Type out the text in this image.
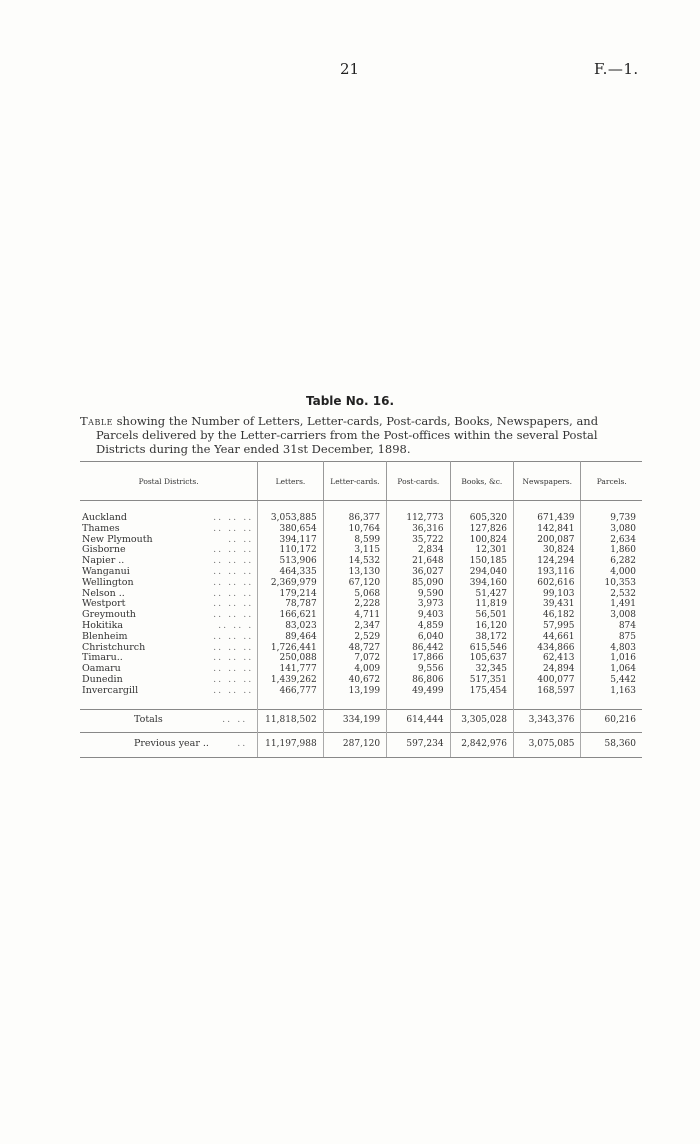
21	F.—1.
Table No. 16.
Table showing the Number of Letters, Letter-cards, Post-cards, Books, Newspapers, and
Parcels delivered by the Letter-carriers from the Post-offices within the several Postal
Districts during the Year ended 31st December, 1898.
Postal Districts.	Letters.	Letter-cards.	Post-cards.	Books, &c.	Newspapers.	Parcels.

Auckland .. .. ..	3,053,885	86,377	112,773	605,320	671,439	9,739
Thames .. .. ..	380,654	10,764	36,316	127,826	142,841	3,080
New Plymouth .. ..	394,117	8,599	35,722	100,824	200,087	2,634
Gisborne .. .. ..	110,172	3,115	2,834	12,301	30,824	1,860
Napier .. .. .. ..	513,906	14,532	21,648	150,185	124,294	6,282
Wanganui .. .. ..	464,335	13,130	36,027	294,040	193,116	4,000
Wellington .. .. ..	2,369,979	67,120	85,090	394,160	602,616	10,353
Nelson .. .. .. ..	179,214	5,068	9,590	51,427	99,103	2,532
Westport .. .. ..	78,787	2,228	3,973	11,819	39,431	1,491
Greymouth .. .. ..	166,621	4,711	9,403	56,501	46,182	3,008
Hokitika .. .. .	83,023	2,347	4,859	16,120	57,995	874
Blenheim .. .. ..	89,464	2,529	6,040	38,172	44,661	875
Christchurch .. .. ..	1,726,441	48,727	86,442	615,546	434,866	4,803
Timaru.. .. .. ..	250,088	7,072	17,866	105,637	62,413	1,016
Oamaru .. .. ..	141,777	4,009	9,556	32,345	24,894	1,064
Dunedin .. .. ..	1,439,262	40,672	86,806	517,351	400,077	5,442
Invercargill .. .. ..	466,777	13,199	49,499	175,454	168,597	1,163

Totals .. ..	11,818,502	334,199	614,444	3,305,028	3,343,376	60,216
Previous year .. ..	11,197,988	287,120	597,234	2,842,976	3,075,085	58,360
